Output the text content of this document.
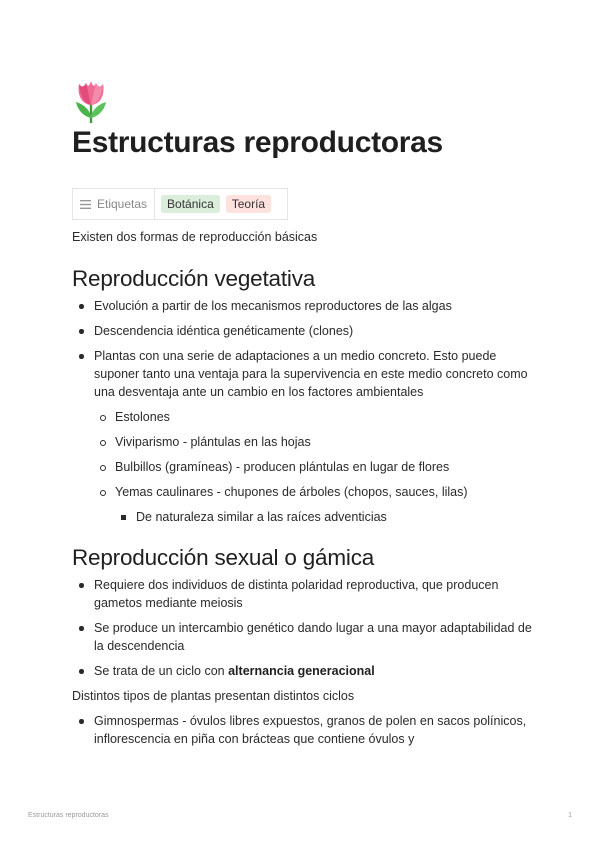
Estructuras reproductoras
Etiquetas	Botánica	Teoría

Existen dos formas de reproducción básicas

Reproducción vegetativa
Evolución a partir de los mecanismos reproductores de las algas
Descendencia idéntica genéticamente (clones)
Plantas con una serie de adaptaciones a un medio concreto. Esto puede suponer tanto una ventaja para la supervivencia en este medio concreto como una desventaja ante un cambio en los factores ambientales
Estolones
Viviparismo - plántulas en las hojas
Bulbillos (gramíneas) - producen plántulas en lugar de flores
Yemas caulinares - chupones de árboles (chopos, sauces, lilas)
De naturaleza similar a las raíces adventicias
Reproducción sexual o gámica
Requiere dos individuos de distinta polaridad reproductiva, que producen gametos mediante meiosis
Se produce un intercambio genético dando lugar a una mayor adaptabilidad de la descendencia
Se trata de un ciclo con alternancia generacional

Distintos tipos de plantas presentan distintos ciclos

Gimnospermas - óvulos libres expuestos, granos de polen en sacos polínicos, inflorescencia en piña con brácteas que contiene óvulos y
Estructuras reproductoras	1
